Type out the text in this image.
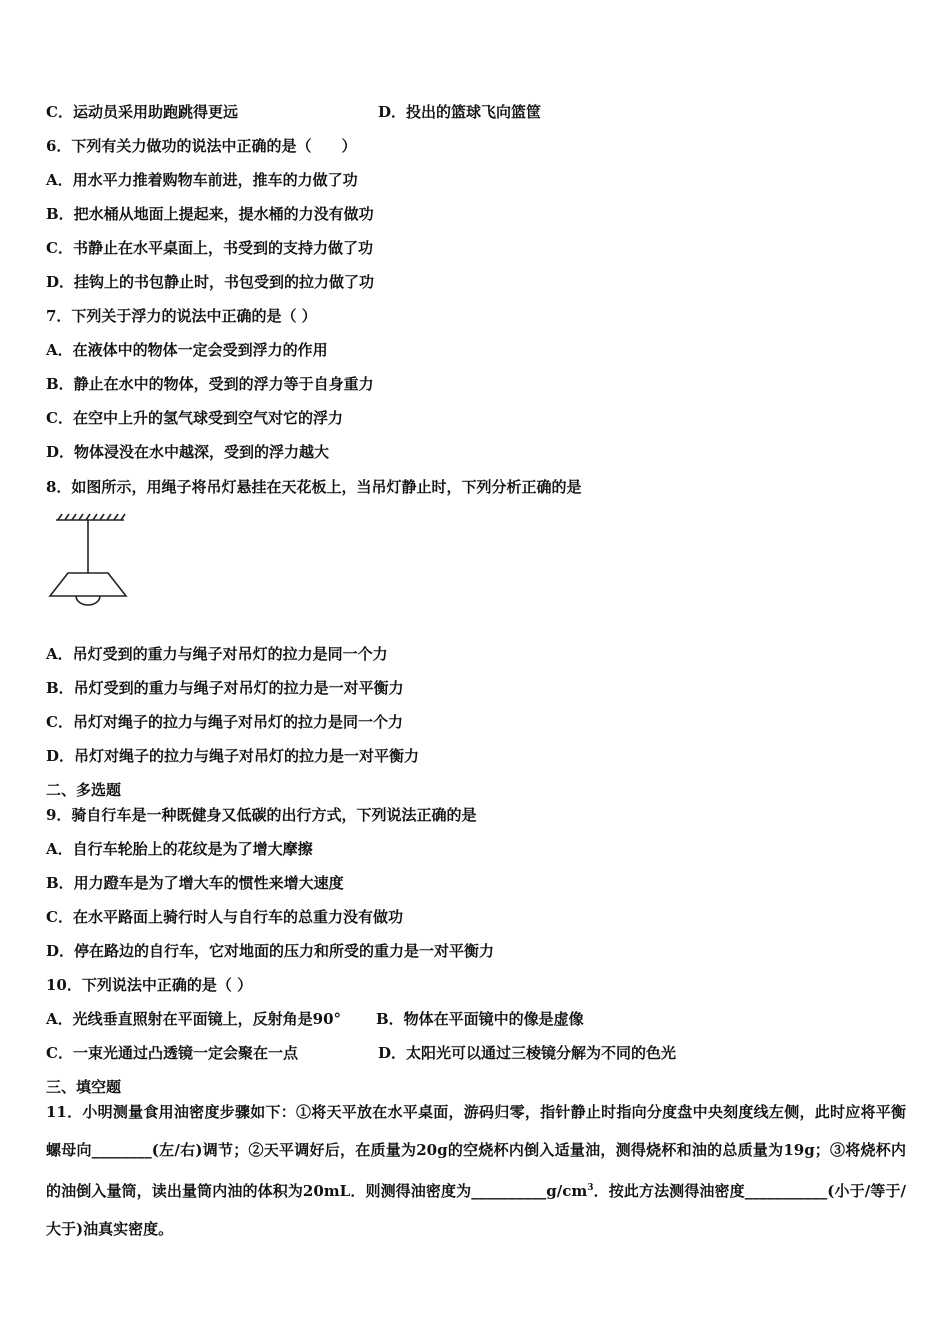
C．运动员采用助跑跳得更远	D．投出的篮球飞向篮筐
6．下列有关力做功的说法中正确的是（　　）
A．用水平力推着购物车前进，推车的力做了功
B．把水桶从地面上提起来，提水桶的力没有做功
C．书静止在水平桌面上，书受到的支持力做了功
D．挂钩上的书包静止时，书包受到的拉力做了功
7．下列关于浮力的说法中正确的是（ ）
A．在液体中的物体一定会受到浮力的作用
B．静止在水中的物体，受到的浮力等于自身重力
C．在空中上升的氢气球受到空气对它的浮力
D．物体浸没在水中越深，受到的浮力越大
8．如图所示，用绳子将吊灯悬挂在天花板上，当吊灯静止时，下列分析正确的是
A．吊灯受到的重力与绳子对吊灯的拉力是同一个力
B．吊灯受到的重力与绳子对吊灯的拉力是一对平衡力
C．吊灯对绳子的拉力与绳子对吊灯的拉力是同一个力
D．吊灯对绳子的拉力与绳子对吊灯的拉力是一对平衡力
二、多选题
9．骑自行车是一种既健身又低碳的出行方式，下列说法正确的是
A．自行车轮胎上的花纹是为了增大摩擦
B．用力蹬车是为了增大车的惯性来增大速度
C．在水平路面上骑行时人与自行车的总重力没有做功
D．停在路边的自行车，它对地面的压力和所受的重力是一对平衡力
10．下列说法中正确的是（ ）
A．光线垂直照射在平面镜上，反射角是90° B．物体在平面镜中的像是虚像
C．一束光通过凸透镜一定会聚在一点	D．太阳光可以通过三棱镜分解为不同的色光
三、填空题
11．小明测量食用油密度步骤如下：①将天平放在水平桌面，游码归零，指针静止时指向分度盘中央刻度线左侧，此时应将平衡螺母向________(左/右)调节；②天平调好后，在质量为20g的空烧杯内倒入适量油，测得烧杯和油的总质量为19g；③将烧杯内的油倒入量筒，读出量筒内油的体积为20mL．则测得油密度为$\_\_\_\_\_\_\_\_\_\_g/cm^3$．按此方法测得油密度___________(小于/等于/大于)油真实密度。
